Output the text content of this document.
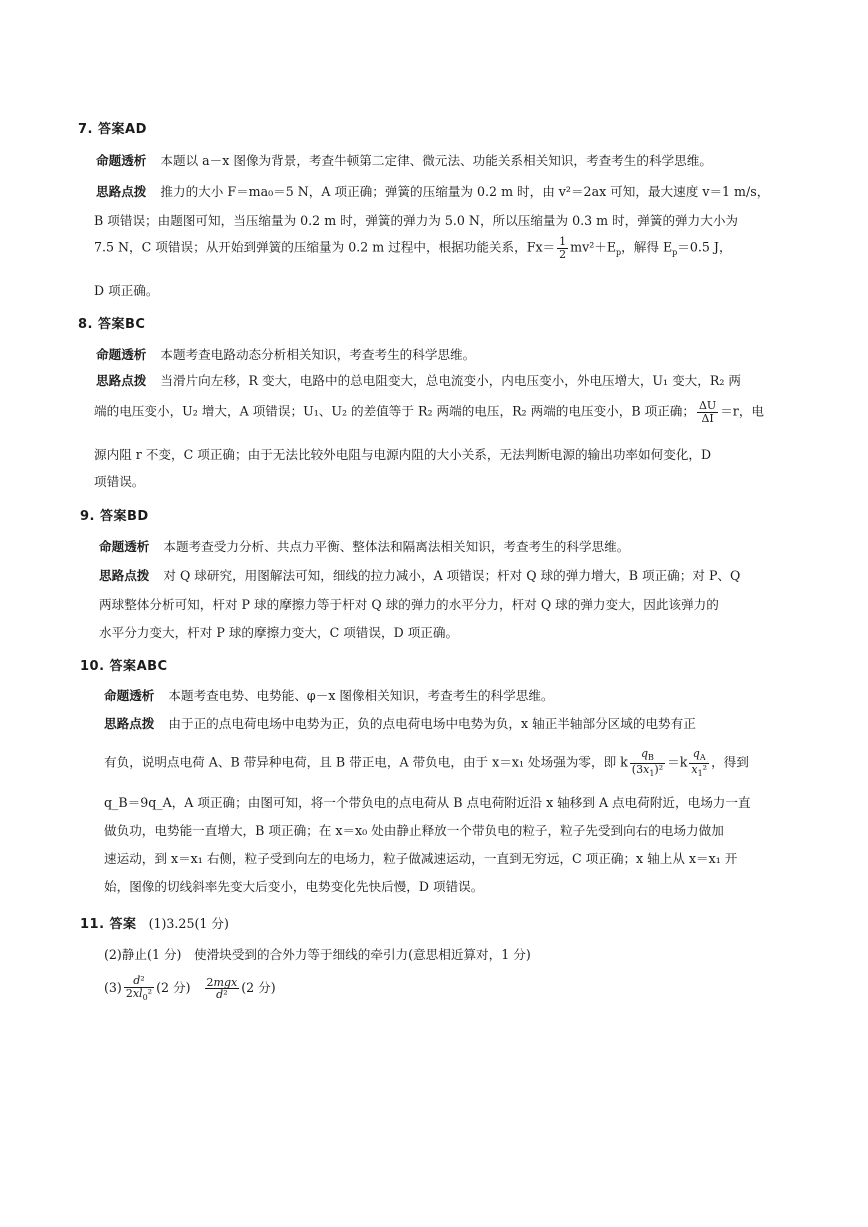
7. 答案AD
命题透析 本题以 a－x 图像为背景，考查牛顿第二定律、微元法、功能关系相关知识，考查考生的科学思维。
思路点拨 推力的大小 F＝ma₀＝5 N，A 项正确；弹簧的压缩量为 0.2 m 时，由 v²＝2ax 可知，最大速度 v＝1 m/s，
B 项错误；由题图可知，当压缩量为 0.2 m 时，弹簧的弹力为 5.0 N，所以压缩量为 0.3 m 时，弹簧的弹力大小为
7.5 N，C 项错误；从开始到弹簧的压缩量为 0.2 m 过程中，根据功能关系，$Fx= \frac{1}{2} mv^2+E_p$，解得 $E_p=0.5$ J，
D 项正确。
8. 答案BC
命题透析 本题考查电路动态分析相关知识，考查考生的科学思维。
思路点拨 当滑片向左移，R 变大，电路中的总电阻变大，总电流变小，内电压变小，外电压增大，U₁ 变大，R₂ 两
端的电压变小，U₂ 增大，A 项错误；U₁、U₂ 的差值等于 R₂ 两端的电压，R₂ 两端的电压变小，B 项正确； $\frac{\Delta U}{\Delta I} =r$，电
源内阻 r 不变，C 项正确；由于无法比较外电阻与电源内阻的大小关系，无法判断电源的输出功率如何变化，D
项错误。
9. 答案BD
命题透析 本题考查受力分析、共点力平衡、整体法和隔离法相关知识，考查考生的科学思维。
思路点拨 对 Q 球研究，用图解法可知，细线的拉力减小，A 项错误；杆对 Q 球的弹力增大，B 项正确；对 P、Q
两球整体分析可知，杆对 P 球的摩擦力等于杆对 Q 球的弹力的水平分力，杆对 Q 球的弹力变大，因此该弹力的
水平分力变大，杆对 P 球的摩擦力变大，C 项错误，D 项正确。
10. 答案ABC
命题透析 本题考查电势、电势能、φ－x 图像相关知识，考查考生的科学思维。
思路点拨 由于正的点电荷电场中电势为正，负的点电荷电场中电势为负，x 轴正半轴部分区域的电势有正
有负，说明点电荷 A、B 带异种电荷，且 B 带正电，A 带负电，由于 x＝x₁ 处场强为零，即 k $\frac{q_B}{(3x_1)^2} =k \frac{q_A}{x_1^2}$ ，得到
q_B＝9q_A，A 项正确；由图可知，将一个带负电的点电荷从 B 点电荷附近沿 x 轴移到 A 点电荷附近，电场力一直
做负功，电势能一直增大，B 项正确；在 x＝x₀ 处由静止释放一个带负电的粒子，粒子先受到向右的电场力做加
速运动，到 x＝x₁ 右侧，粒子受到向左的电场力，粒子做减速运动，一直到无穷远，C 项正确；x 轴上从 x＝x₁ 开
始，图像的切线斜率先变大后变小，电势变化先快后慢，D 项错误。
11. 答案 (1)3.25(1 分)
(2)静止(1 分)　使滑块受到的合外力等于细线的牵引力(意思相近算对，1 分)
$(3) \frac{\text{d²}}{2xl_0^2} (2$ 分) $\frac{\text{2mgx}}{\text{d²}} (2$ 分)
